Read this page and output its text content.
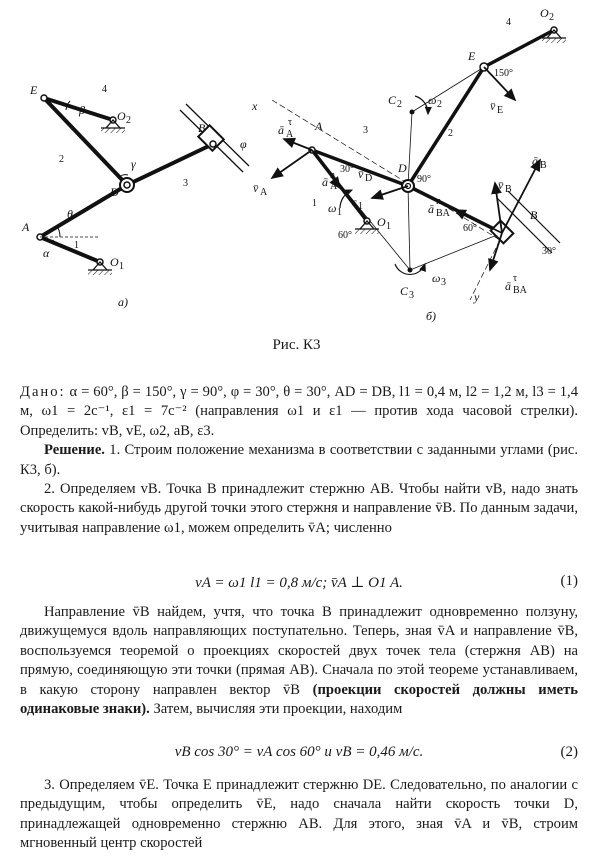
E	4
β	O 2
B
φ
2	γ
D
3
A
θ
1
α
O 1
а)
x
ā A
τ A	3
v̄ A
ā A
n
30° v̄ D
D
90°
1 ω 1
ε 1
60°
O 1
C 2 ω 2
2
E
4
O 2
150°
v̄ E
ā BA
n
60°
v̄ B
ā B
B
30°
C 3
ω 3	ā BA
τ
y
б)
Рис. К3

Дано: α = 60°, β = 150°, γ = 90°, φ = 30°, θ = 30°, AD = DB, l1 = 0,4 м, l2 = 1,2 м, l3 = 1,4 м, ω1 = 2c⁻¹, ε1 = 7c⁻² (направления ω1 и ε1 — против хода часовой стрелки). Определить: vB, vE, ω2, aB, ε3.

Решение. 1. Строим положение механизма в соответствии с заданными углами (рис. К3, б).

2. Определяем vB. Точка B принадлежит стержню AB. Чтобы найти vB, надо знать скорость какой-нибудь другой точки этого стержня и направление v̄B. По данным задачи, учитывая направление ω1, можем определить v̄A; численно

vA = ω1 l1 = 0,8 м/с; v̄A ⊥ O1 A.	(1)

Направление v̄B найдем, учтя, что точка B принадлежит одновременно ползуну, движущемуся вдоль направляющих поступательно. Теперь, зная v̄A и направление v̄B, воспользуемся теоремой о проекциях скоростей двух точек тела (стержня AB) на прямую, соединяющую эти точки (прямая AB). Сначала по этой теореме устанавливаем, в какую сторону направлен вектор v̄B (проекции скоростей должны иметь одинаковые знаки). Затем, вычисляя эти проекции, находим

vB cos 30° = vA cos 60° и vB = 0,46 м/с.	(2)

3. Определяем v̄E. Точка E принадлежит стержню DE. Следовательно, по аналогии с предыдущим, чтобы определить v̄E, надо сначала найти скорость точки D, принадлежащей одновременно стержню AB. Для этого, зная v̄A и v̄B, строим мгновенный центр скоростей
